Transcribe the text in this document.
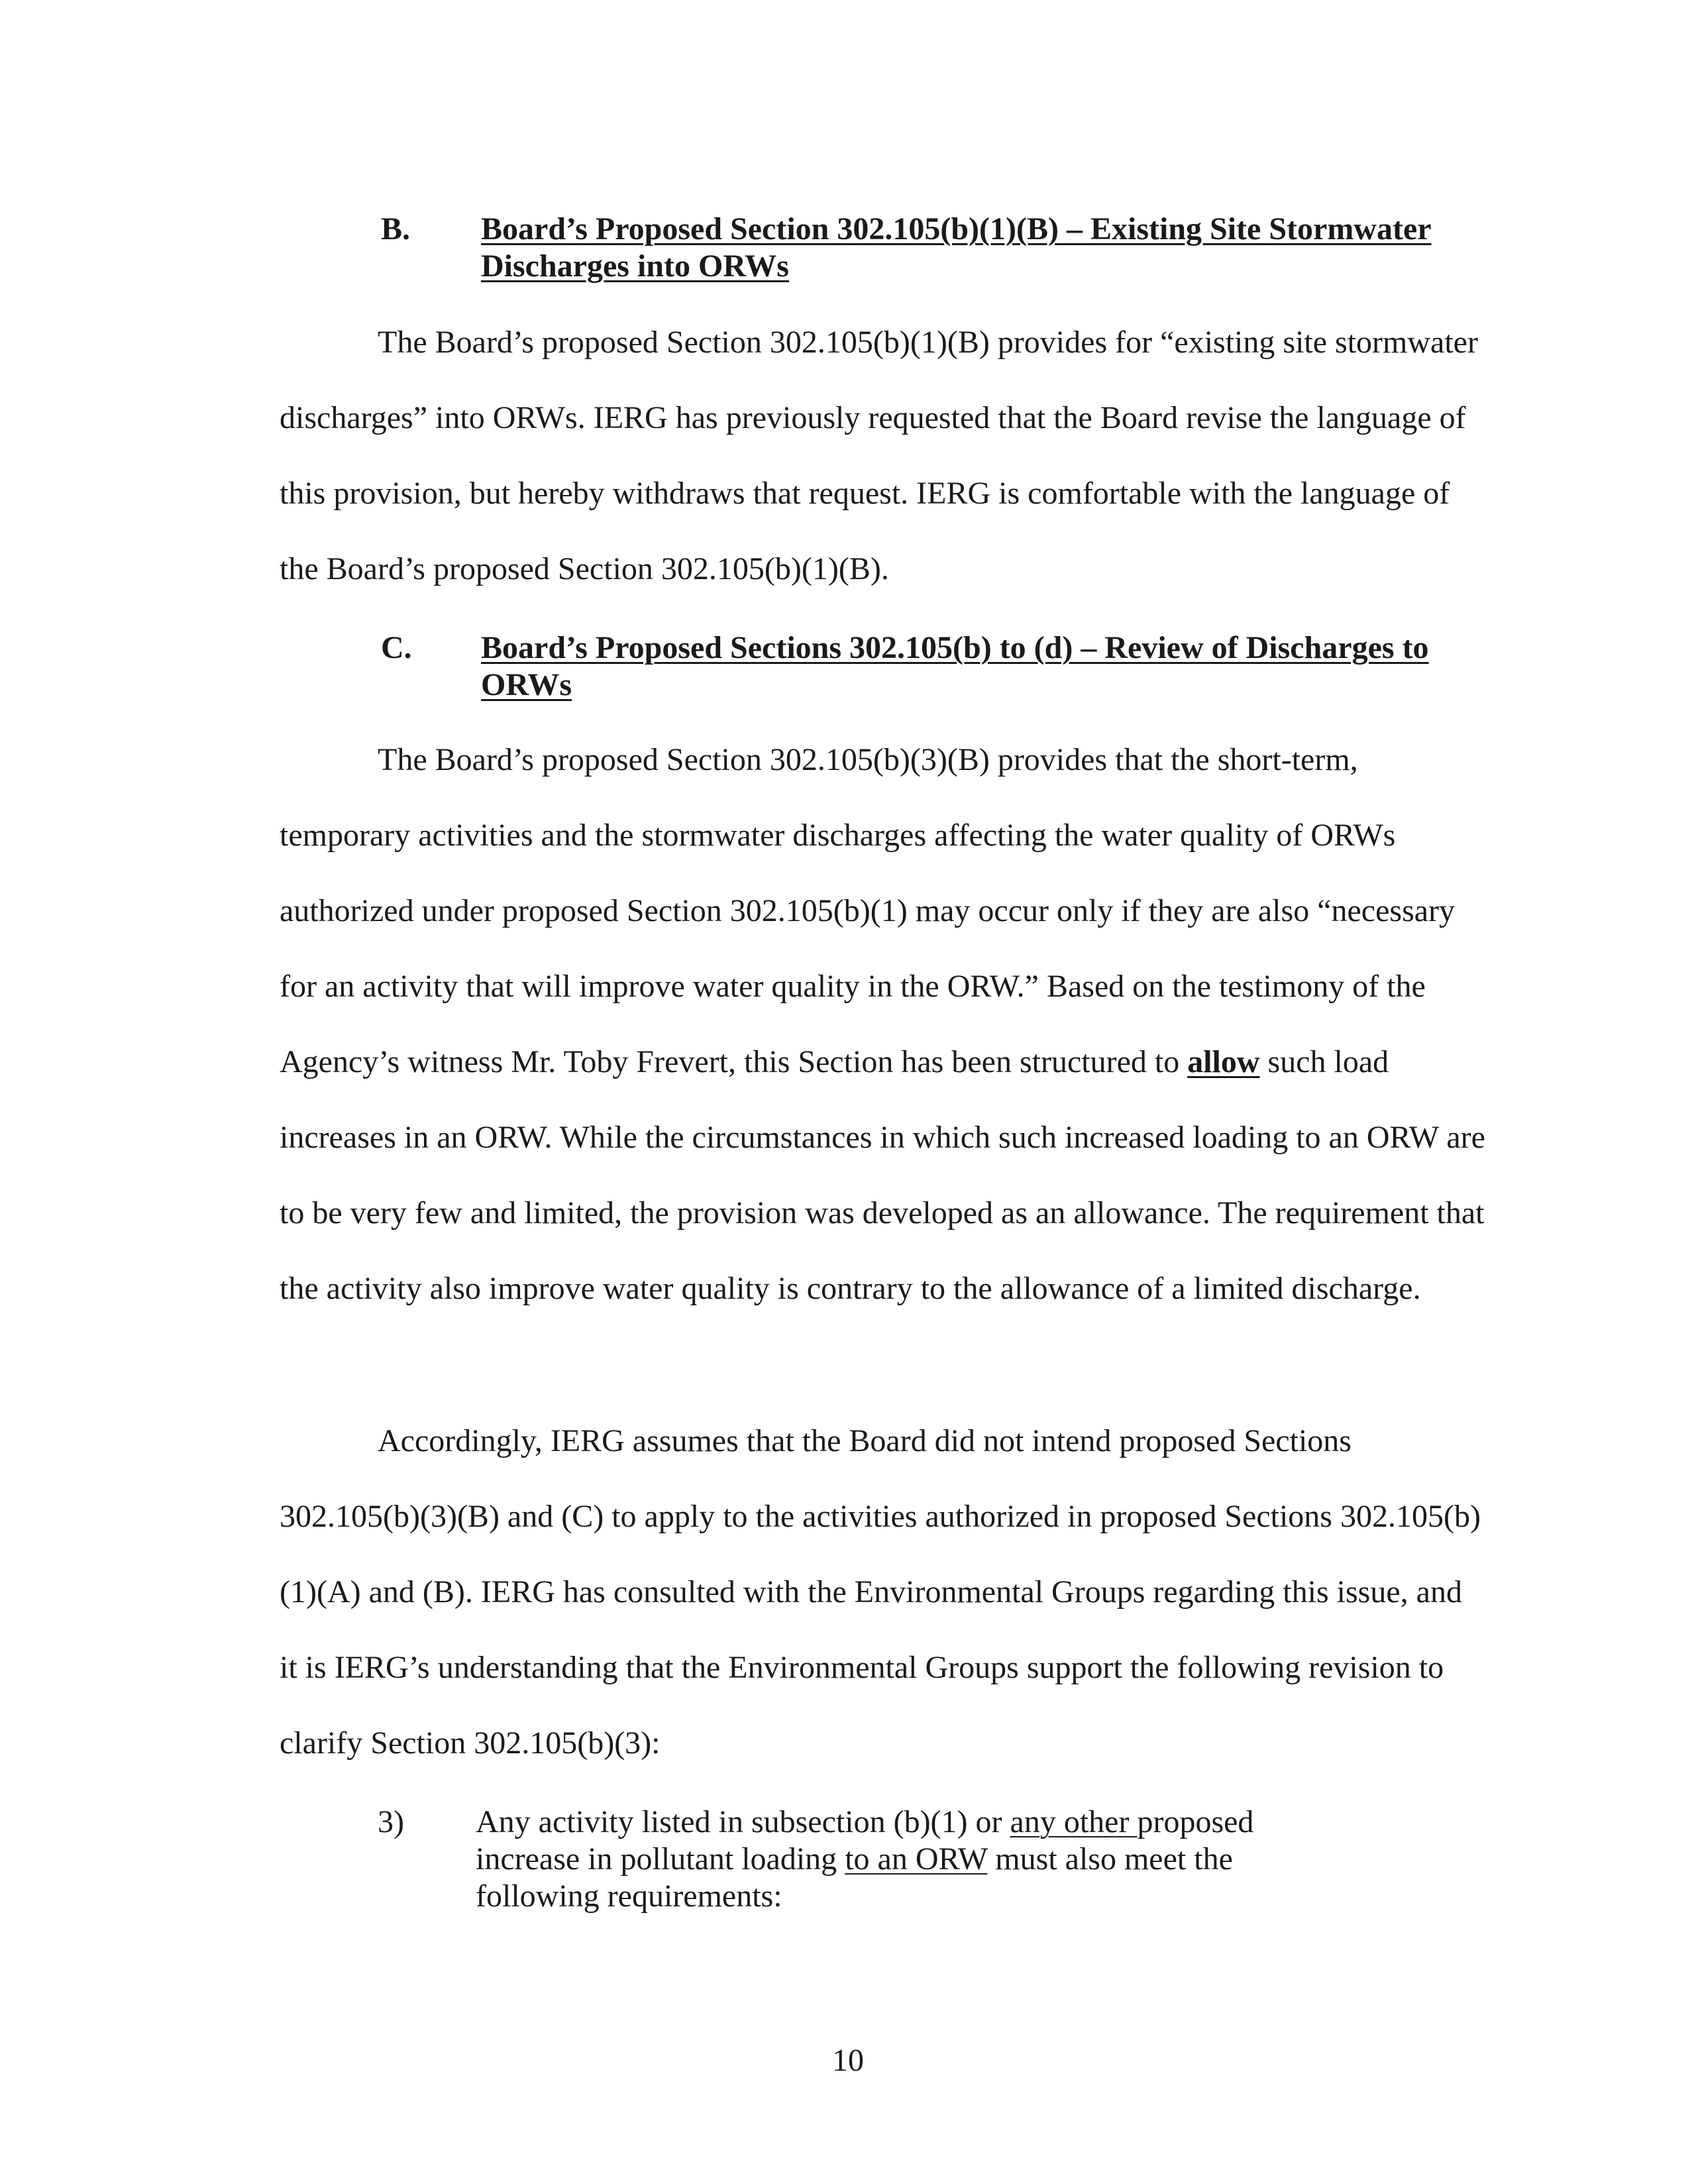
B. Board’s Proposed Section 302.105(b)(1)(B) – Existing Site Stormwater Discharges into ORWs

The Board’s proposed Section 302.105(b)(1)(B) provides for “existing site stormwater discharges” into ORWs. IERG has previously requested that the Board revise the language of this provision, but hereby withdraws that request. IERG is comfortable with the language of the Board’s proposed Section 302.105(b)(1)(B).

C. Board’s Proposed Sections 302.105(b) to (d) – Review of Discharges to ORWs

The Board’s proposed Section 302.105(b)(3)(B) provides that the short-term, temporary activities and the stormwater discharges affecting the water quality of ORWs authorized under proposed Section 302.105(b)(1) may occur only if they are also “necessary for an activity that will improve water quality in the ORW.” Based on the testimony of the Agency’s witness Mr. Toby Frevert, this Section has been structured to allow such load increases in an ORW. While the circumstances in which such increased loading to an ORW are to be very few and limited, the provision was developed as an allowance. The requirement that the activity also improve water quality is contrary to the allowance of a limited discharge.

Accordingly, IERG assumes that the Board did not intend proposed Sections 302.105(b)(3)(B) and (C) to apply to the activities authorized in proposed Sections 302.105(b)(1)(A) and (B). IERG has consulted with the Environmental Groups regarding this issue, and it is IERG’s understanding that the Environmental Groups support the following revision to clarify Section 302.105(b)(3):

3) Any activity listed in subsection (b)(1) or any other proposed increase in pollutant loading to an ORW must also meet the following requirements:
10
